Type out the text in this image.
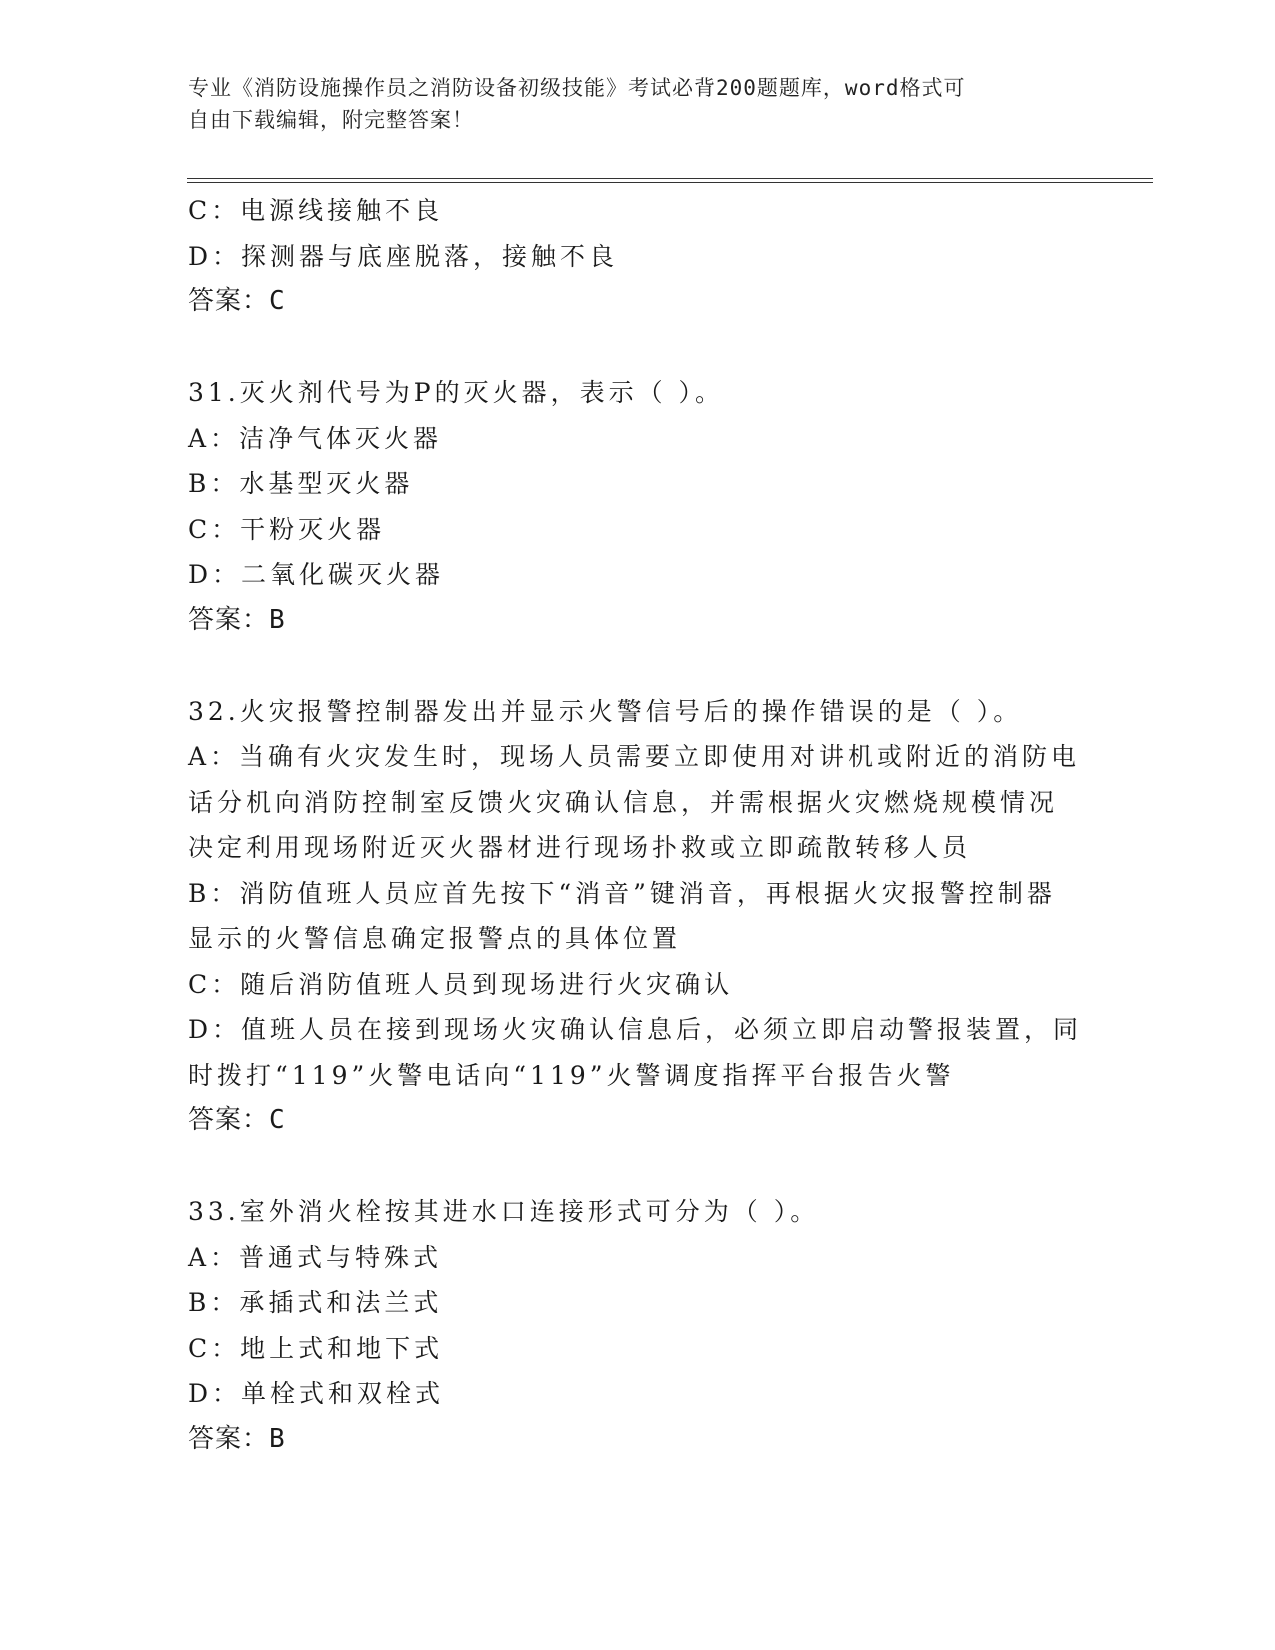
专业《消防设施操作员之消防设备初级技能》考试必背200题题库，word格式可
自由下载编辑，附完整答案！
C：电源线接触不良
D：探测器与底座脱落，接触不良
答案：C
31.灭火剂代号为P的灭火器，表示（ ）。
A：洁净气体灭火器
B：水基型灭火器
C：干粉灭火器
D：二氧化碳灭火器
答案：B
32.火灾报警控制器发出并显示火警信号后的操作错误的是（ ）。
A：当确有火灾发生时，现场人员需要立即使用对讲机或附近的消防电
话分机向消防控制室反馈火灾确认信息，并需根据火灾燃烧规模情况
决定利用现场附近灭火器材进行现场扑救或立即疏散转移人员
B：消防值班人员应首先按下“消音”键消音，再根据火灾报警控制器
显示的火警信息确定报警点的具体位置
C：随后消防值班人员到现场进行火灾确认
D：值班人员在接到现场火灾确认信息后，必须立即启动警报装置，同
时拨打“119”火警电话向“119”火警调度指挥平台报告火警
答案：C
33.室外消火栓按其进水口连接形式可分为（ ）。
A：普通式与特殊式
B：承插式和法兰式
C：地上式和地下式
D：单栓式和双栓式
答案：B
